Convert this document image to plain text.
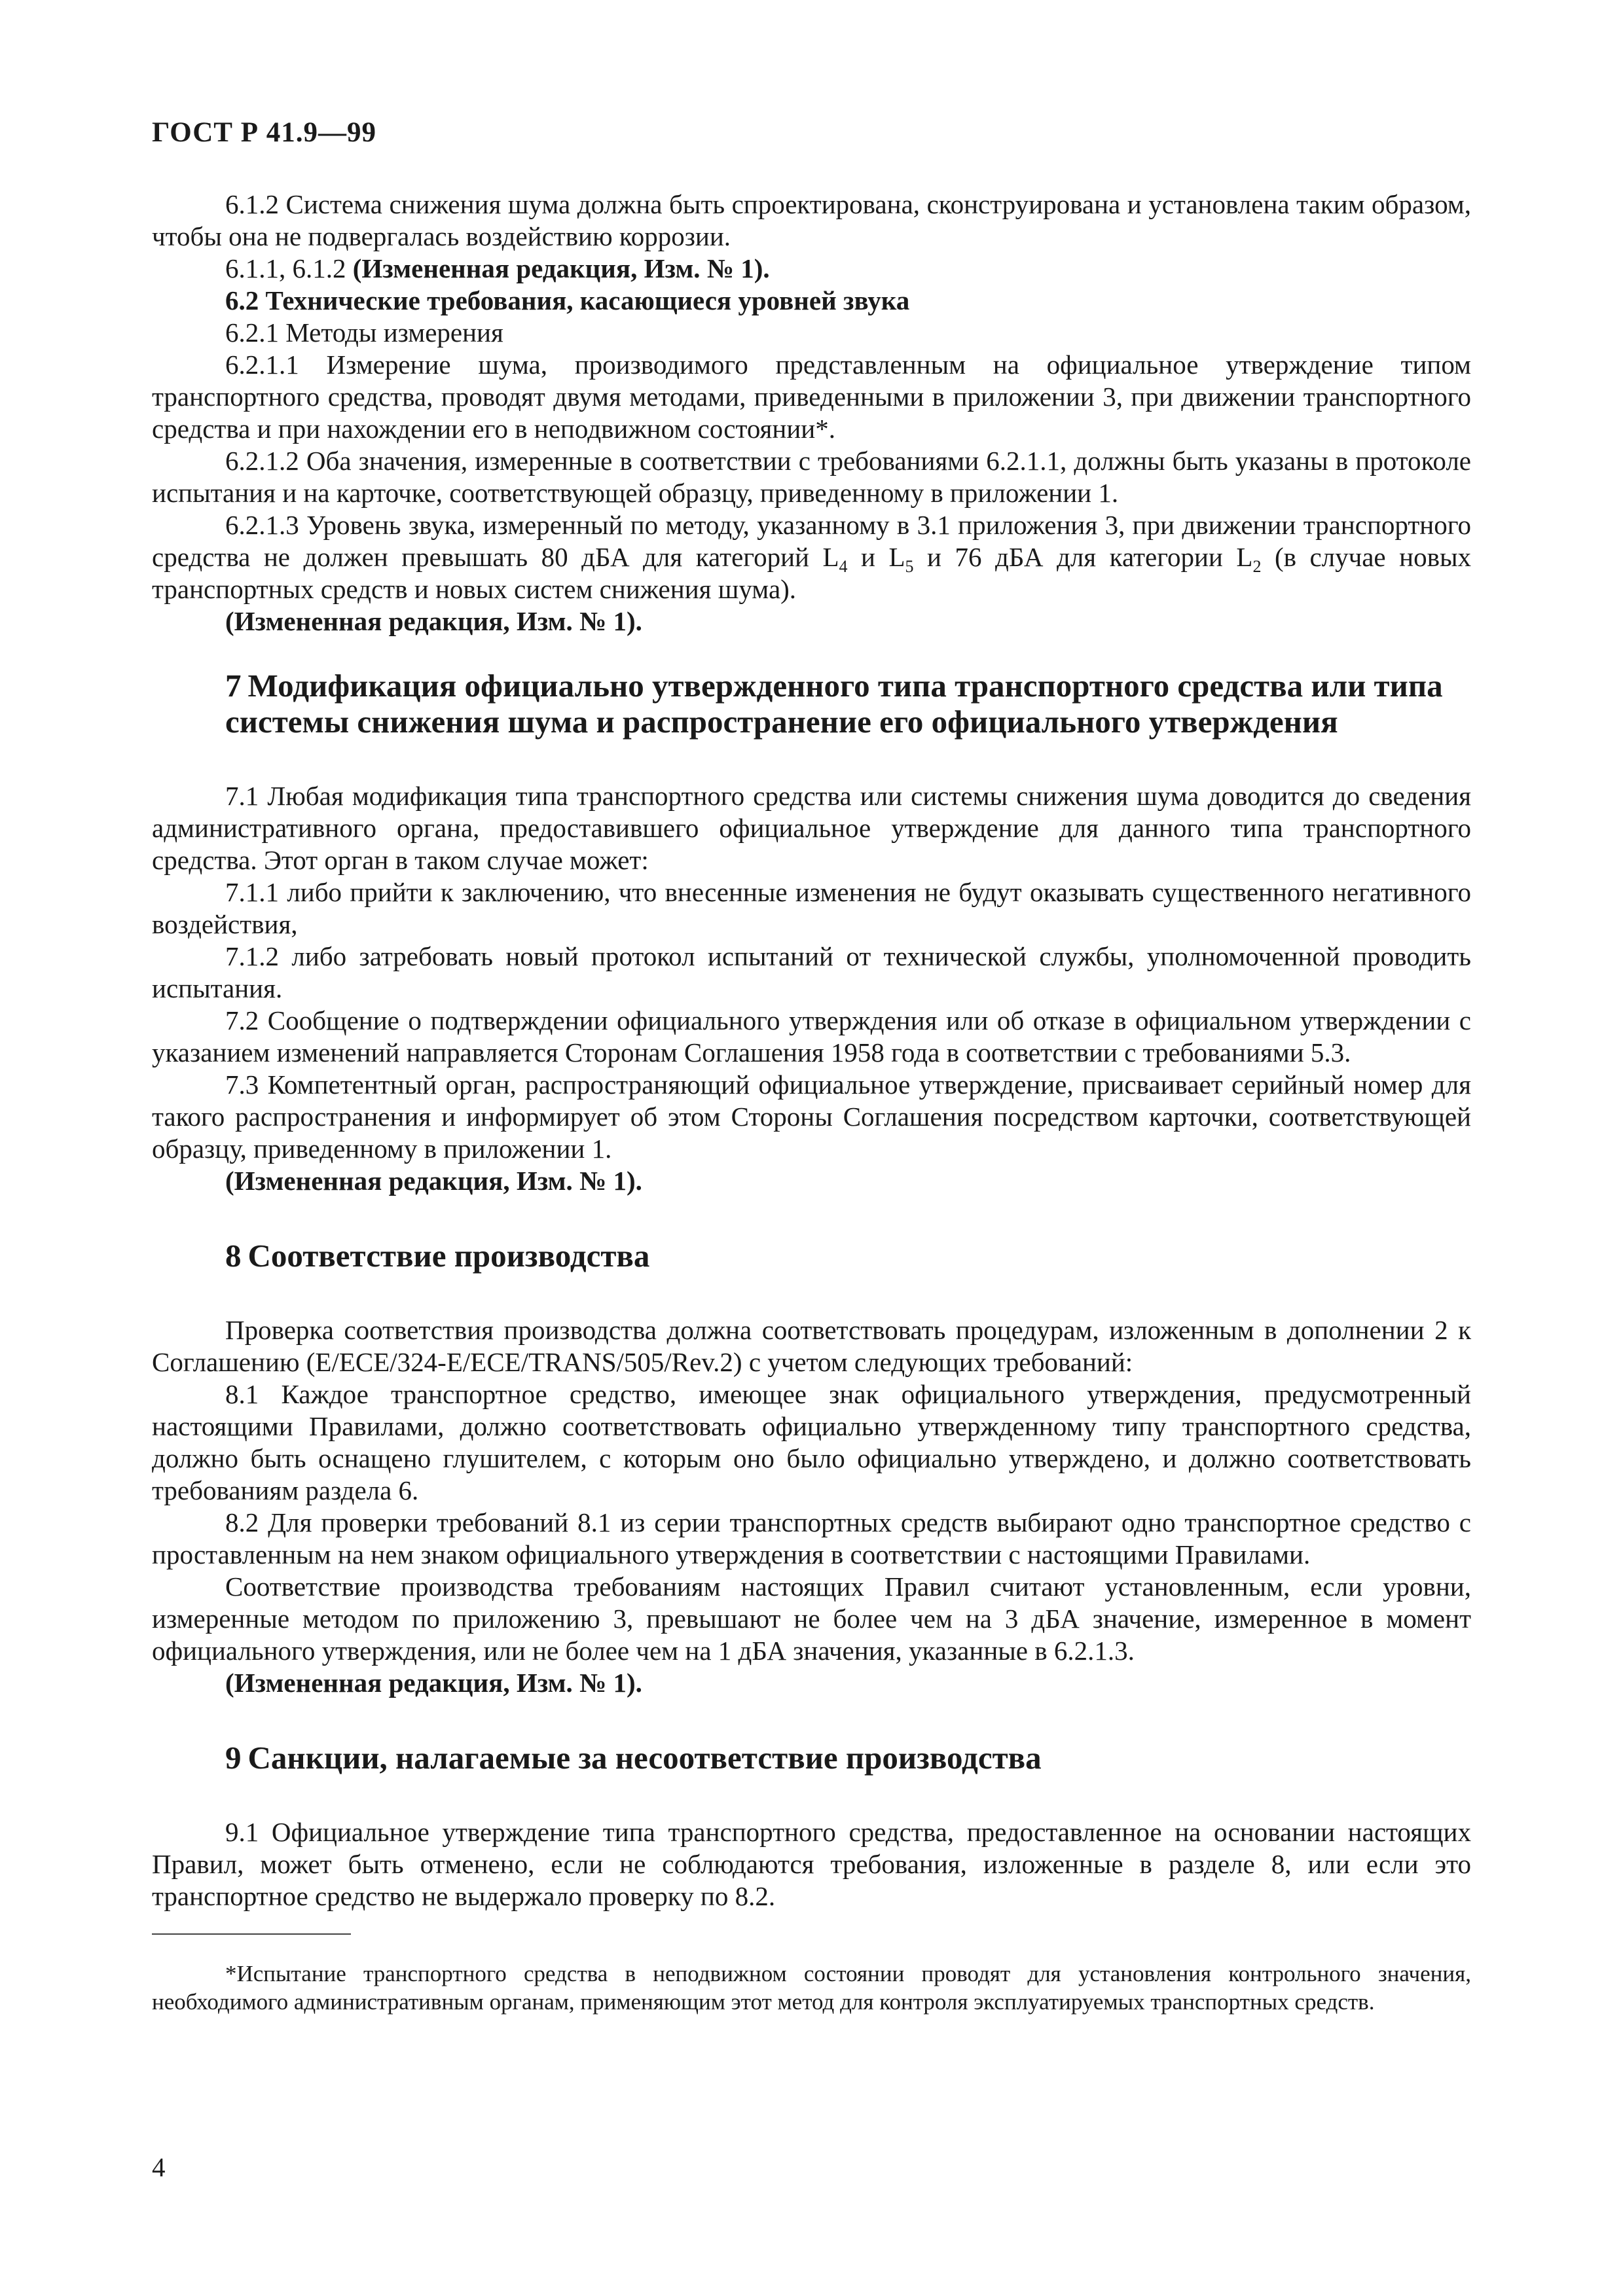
ГОСТ Р 41.9—99

6.1.2 Система снижения шума должна быть спроектирована, сконструирована и установлена таким образом, чтобы она не подвергалась воздействию коррозии.

6.1.1, 6.1.2 (Измененная редакция, Изм. № 1).

6.2 Технические требования, касающиеся уровней звука

6.2.1 Методы измерения

6.2.1.1 Измерение шума, производимого представленным на официальное утверждение типом транспортного средства, проводят двумя методами, приведенными в приложении 3, при движении транспортного средства и при нахождении его в неподвижном состоянии*.

6.2.1.2 Оба значения, измеренные в соответствии с требованиями 6.2.1.1, должны быть указаны в протоколе испытания и на карточке, соответствующей образцу, приведенному в приложении 1.

6.2.1.3 Уровень звука, измеренный по методу, указанному в 3.1 приложения 3, при движении транспортного средства не должен превышать 80 дБА для категорий $L_4$ и $L_5$ и 76 дБА для категории $L_2$ (в случае новых транспортных средств и новых систем снижения шума).

(Измененная редакция, Изм. № 1).

7 Модификация официально утвержденного типа транспортного средства или типа системы снижения шума и распространение его официального утверждения

7.1 Любая модификация типа транспортного средства или системы снижения шума доводится до сведения административного органа, предоставившего официальное утверждение для данного типа транспортного средства. Этот орган в таком случае может:

7.1.1 либо прийти к заключению, что внесенные изменения не будут оказывать существенного негативного воздействия,

7.1.2 либо затребовать новый протокол испытаний от технической службы, уполномоченной проводить испытания.

7.2 Сообщение о подтверждении официального утверждения или об отказе в официальном утверждении с указанием изменений направляется Сторонам Соглашения 1958 года в соответствии с требованиями 5.3.

7.3 Компетентный орган, распространяющий официальное утверждение, присваивает серийный номер для такого распространения и информирует об этом Стороны Соглашения посредством карточки, соответствующей образцу, приведенному в приложении 1.

(Измененная редакция, Изм. № 1).

8 Соответствие производства

Проверка соответствия производства должна соответствовать процедурам, изложенным в дополнении 2 к Соглашению (E/ECE/324-E/ECE/TRANS/505/Rev.2) с учетом следующих требований:

8.1 Каждое транспортное средство, имеющее знак официального утверждения, предусмотренный настоящими Правилами, должно соответствовать официально утвержденному типу транспортного средства, должно быть оснащено глушителем, с которым оно было официально утверждено, и должно соответствовать требованиям раздела 6.

8.2 Для проверки требований 8.1 из серии транспортных средств выбирают одно транспортное средство с проставленным на нем знаком официального утверждения в соответствии с настоящими Правилами.

Соответствие производства требованиям настоящих Правил считают установленным, если уровни, измеренные методом по приложению 3, превышают не более чем на 3 дБА значение, измеренное в момент официального утверждения, или не более чем на 1 дБА значения, указанные в 6.2.1.3.

(Измененная редакция, Изм. № 1).

9 Санкции, налагаемые за несоответствие производства

9.1 Официальное утверждение типа транспортного средства, предоставленное на основании настоящих Правил, может быть отменено, если не соблюдаются требования, изложенные в разделе 8, или если это транспортное средство не выдержало проверку по 8.2.

*Испытание транспортного средства в неподвижном состоянии проводят для установления контрольного значения, необходимого административным органам, применяющим этот метод для контроля эксплуатируемых транспортных средств.

4
